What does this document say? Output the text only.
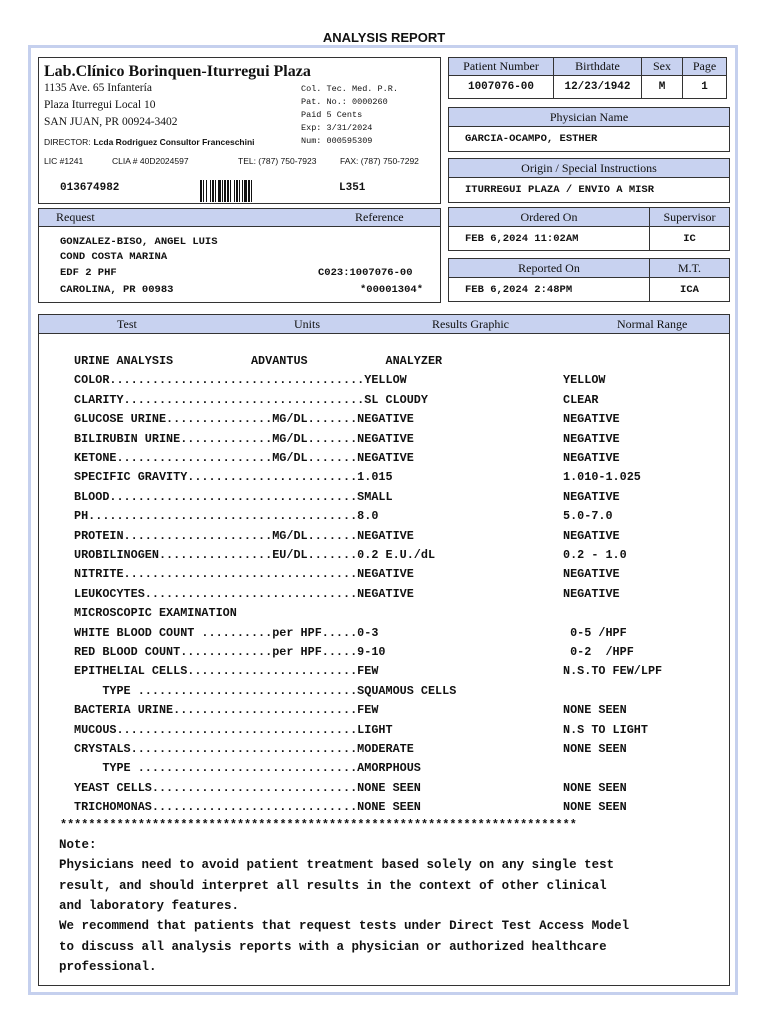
ANALYSIS REPORT
Lab.Clínico Borinquen-Iturregui Plaza
1135 Ave. 65 Infantería
Plaza Iturregui Local 10
SAN JUAN, PR 00924-3402
DIRECTOR: Lcda Rodriguez Consultor Franceschini
LIC #1241	CLIA # 40D2024597	TEL: (787) 750-7923	FAX: (787) 750-7292
Col. Tec. Med. P.R.
Pat. No.: 0000260
Paid 5 Cents
Exp: 3/31/2024
Num: 000595309
013674982	L351
Patient Number	Birthdate	Sex	Page
1007076-00	12/23/1942	M	1
Physician Name
GARCIA-OCAMPO, ESTHER
Origin / Special Instructions
ITURREGUI PLAZA / ENVIO A MISR
Ordered On	Supervisor
FEB 6,2024 11:02AM	IC
Reported On	M.T.
FEB 6,2024 2:48PM	ICA
Request	Reference
GONZALEZ-BISO, ANGEL LUIS
COND COSTA MARINA
EDF 2 PHF
CAROLINA, PR 00983
C023:1007076-00
*00001304*
Test	Units	Results Graphic	Normal Range
URINE ANALYSIS           ADVANTUS           ANALYZER
COLOR....................................YELLOW	YELLOW
CLARITY..................................SL CLOUDY	CLEAR
GLUCOSE URINE...............MG/DL.......NEGATIVE	NEGATIVE
BILIRUBIN URINE.............MG/DL.......NEGATIVE	NEGATIVE
KETONE......................MG/DL.......NEGATIVE	NEGATIVE
SPECIFIC GRAVITY........................1.015	1.010-1.025
BLOOD...................................SMALL	NEGATIVE
PH......................................8.0	5.0-7.0
PROTEIN.....................MG/DL.......NEGATIVE	NEGATIVE
UROBILINOGEN................EU/DL.......0.2 E.U./dL	0.2 - 1.0
NITRITE.................................NEGATIVE	NEGATIVE
LEUKOCYTES..............................NEGATIVE	NEGATIVE
MICROSCOPIC EXAMINATION
WHITE BLOOD COUNT ..........per HPF.....0-3	0-5 /HPF
RED BLOOD COUNT.............per HPF.....9-10	0-2  /HPF
EPITHELIAL CELLS........................FEW	N.S.TO FEW/LPF
TYPE ...............................SQUAMOUS CELLS
BACTERIA URINE..........................FEW	NONE SEEN
MUCOUS..................................LIGHT	N.S TO LIGHT
CRYSTALS................................MODERATE	NONE SEEN
TYPE ...............................AMORPHOUS
YEAST CELLS.............................NONE SEEN	NONE SEEN
TRICHOMONAS.............................NONE SEEN	NONE SEEN
*************************************************************************
Note:
Physicians need to avoid patient treatment based solely on any single test
result, and should interpret all results in the context of other clinical
and laboratory features.
We recommend that patients that request tests under Direct Test Access Model
to discuss all analysis reports with a physician or authorized healthcare
professional.
